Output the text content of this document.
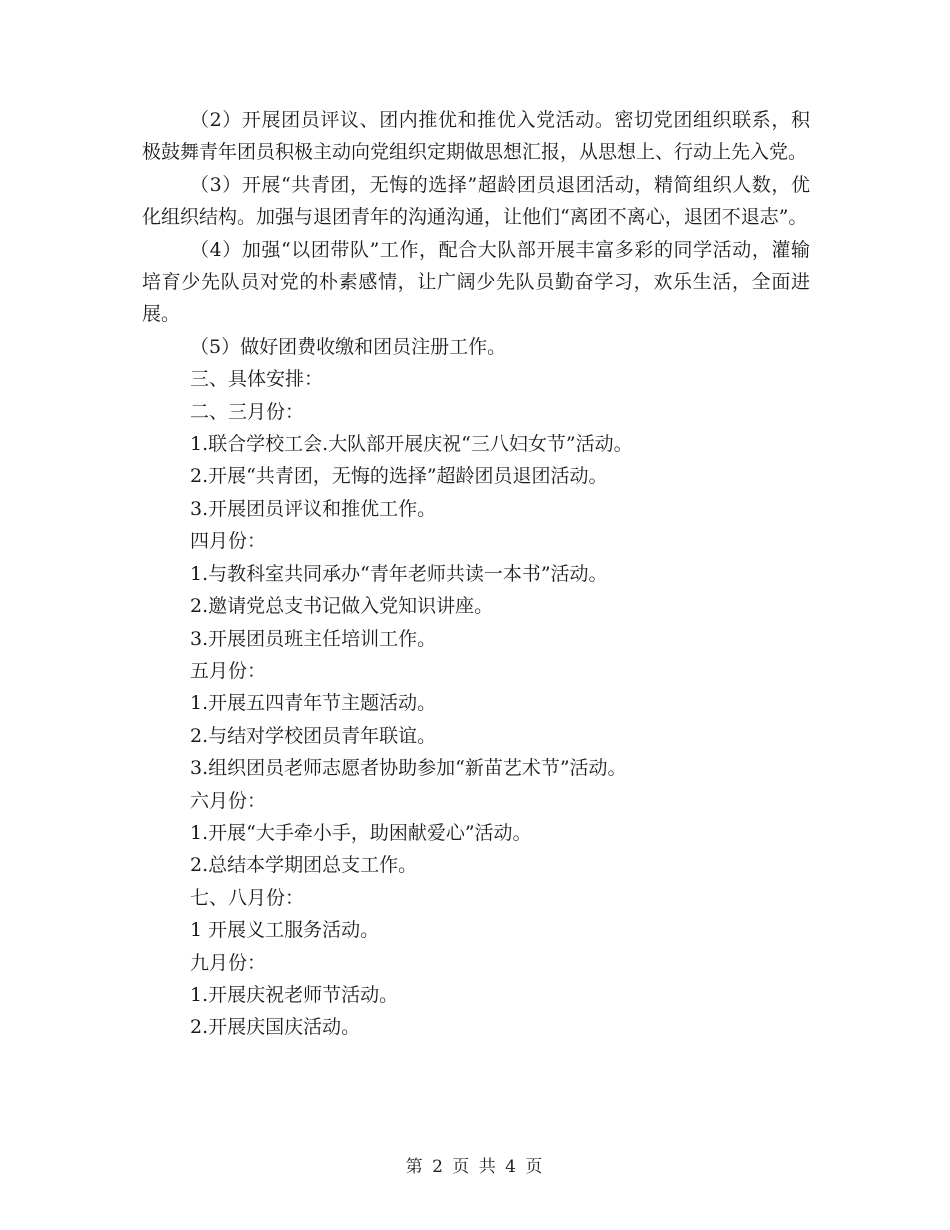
（2）开展团员评议、团内推优和推优入党活动。密切党团组织联系，积极鼓舞青年团员积极主动向党组织定期做思想汇报，从思想上、行动上先入党。

（3）开展“共青团，无悔的选择”超龄团员退团活动，精简组织人数，优化组织结构。加强与退团青年的沟通沟通，让他们“离团不离心，退团不退志”。

（4）加强“以团带队”工作，配合大队部开展丰富多彩的同学活动，灌输培育少先队员对党的朴素感情，让广阔少先队员勤奋学习，欢乐生活，全面进展。

（5）做好团费收缴和团员注册工作。

三、具体安排：

二、三月份：

1.联合学校工会.大队部开展庆祝“三八妇女节”活动。

2.开展“共青团，无悔的选择”超龄团员退团活动。

3.开展团员评议和推优工作。

四月份：

1.与教科室共同承办“青年老师共读一本书”活动。

2.邀请党总支书记做入党知识讲座。

3.开展团员班主任培训工作。

五月份：

1.开展五四青年节主题活动。

2.与结对学校团员青年联谊。

3.组织团员老师志愿者协助参加“新苗艺术节”活动。

六月份：

1.开展“大手牵小手，助困献爱心”活动。

2.总结本学期团总支工作。

七、八月份：

1 开展义工服务活动。

九月份：

1.开展庆祝老师节活动。

2.开展庆国庆活动。

第 2 页 共 4 页
